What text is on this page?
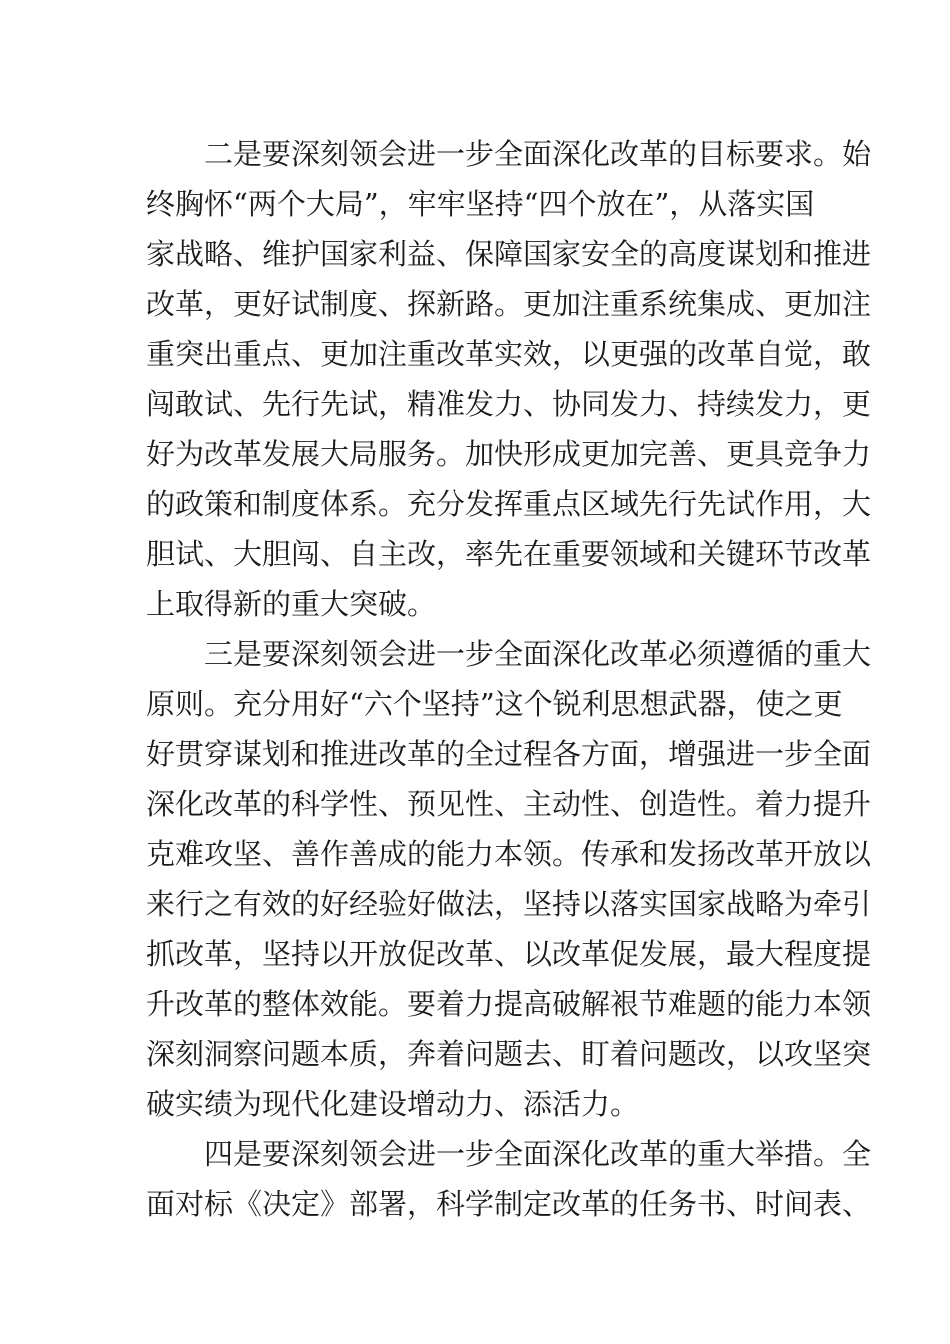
二是要深刻领会进一步全面深化改革的目标要求。始
终胸怀“两个大局”，牢牢坚持“四个放在”，从落实国
家战略、维护国家利益、保障国家安全的高度谋划和推进
改革，更好试制度、探新路。更加注重系统集成、更加注
重突出重点、更加注重改革实效，以更强的改革自觉，敢
闯敢试、先行先试，精准发力、协同发力、持续发力，更
好为改革发展大局服务。加快形成更加完善、更具竞争力
的政策和制度体系。充分发挥重点区域先行先试作用，大
胆试、大胆闯、自主改，率先在重要领域和关键环节改革
上取得新的重大突破。
三是要深刻领会进一步全面深化改革必须遵循的重大
原则。充分用好“六个坚持”这个锐利思想武器，使之更
好贯穿谋划和推进改革的全过程各方面，增强进一步全面
深化改革的科学性、预见性、主动性、创造性。着力提升
克难攻坚、善作善成的能力本领。传承和发扬改革开放以
来行之有效的好经验好做法，坚持以落实国家战略为牵引
抓改革，坚持以开放促改革、以改革促发展，最大程度提
升改革的整体效能。要着力提高破解裉节难题的能力本领
深刻洞察问题本质，奔着问题去、盯着问题改，以攻坚突
破实绩为现代化建设增动力、添活力。
四是要深刻领会进一步全面深化改革的重大举措。全
面对标《决定》部署，科学制定改革的任务书、时间表、
